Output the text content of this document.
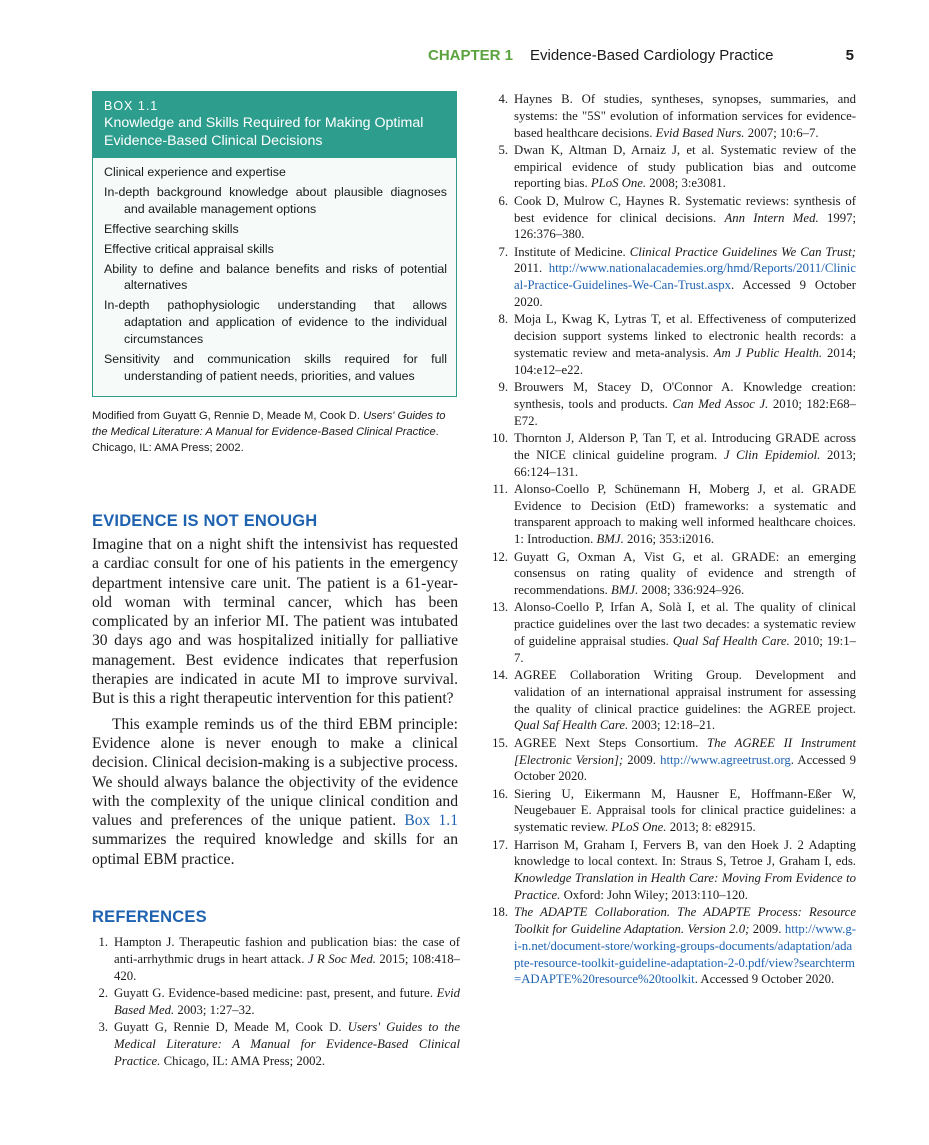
CHAPTER 1 Evidence-Based Cardiology Practice	5
BOX 1.1
Knowledge and Skills Required for Making Optimal Evidence-Based Clinical Decisions
Clinical experience and expertise
In-depth background knowledge about plausible diagnoses and available management options
Effective searching skills
Effective critical appraisal skills
Ability to define and balance benefits and risks of potential alternatives
In-depth pathophysiologic understanding that allows adaptation and application of evidence to the individual circumstances
Sensitivity and communication skills required for full understanding of patient needs, priorities, and values
Modified from Guyatt G, Rennie D, Meade M, Cook D. Users' Guides to the Medical Literature: A Manual for Evidence-Based Clinical Practice. Chicago, IL: AMA Press; 2002.
EVIDENCE IS NOT ENOUGH

Imagine that on a night shift the intensivist has requested a cardiac consult for one of his patients in the emergency department intensive care unit. The patient is a 61-year-old woman with terminal cancer, which has been complicated by an inferior MI. The patient was intubated 30 days ago and was hospitalized initially for palliative management. Best evidence indicates that reperfusion therapies are indicated in acute MI to improve survival. But is this a right therapeutic intervention for this patient?

This example reminds us of the third EBM principle: Evidence alone is never enough to make a clinical decision. Clinical decision-making is a subjective process. We should always balance the objectivity of the evidence with the complexity of the unique clinical condition and values and preferences of the unique patient. Box 1.1 summarizes the required knowledge and skills for an optimal EBM practice.

REFERENCES
1. Hampton J. Therapeutic fashion and publication bias: the case of anti-arrhythmic drugs in heart attack. J R Soc Med. 2015; 108:418–420.
2. Guyatt G. Evidence-based medicine: past, present, and future. Evid Based Med. 2003; 1:27–32.
3. Guyatt G, Rennie D, Meade M, Cook D. Users' Guides to the Medical Literature: A Manual for Evidence-Based Clinical Practice. Chicago, IL: AMA Press; 2002.
4. Haynes B. Of studies, syntheses, synopses, summaries, and systems: the "5S" evolution of information services for evidence-based healthcare decisions. Evid Based Nurs. 2007; 10:6–7.
5. Dwan K, Altman D, Arnaiz J, et al. Systematic review of the empirical evidence of study publication bias and outcome reporting bias. PLoS One. 2008; 3:e3081.
6. Cook D, Mulrow C, Haynes R. Systematic reviews: synthesis of best evidence for clinical decisions. Ann Intern Med. 1997; 126:376–380.
7. Institute of Medicine. Clinical Practice Guidelines We Can Trust; 2011. http://www.nationalacademies.org/hmd/Reports/2011/Clinical-Practice-Guidelines-We-Can-Trust.aspx. Accessed 9 October 2020.
8. Moja L, Kwag K, Lytras T, et al. Effectiveness of computerized decision support systems linked to electronic health records: a systematic review and meta-analysis. Am J Public Health. 2014; 104:e12–e22.
9. Brouwers M, Stacey D, O'Connor A. Knowledge creation: synthesis, tools and products. Can Med Assoc J. 2010; 182:E68–E72.
10. Thornton J, Alderson P, Tan T, et al. Introducing GRADE across the NICE clinical guideline program. J Clin Epidemiol. 2013; 66:124–131.
11. Alonso-Coello P, Schünemann H, Moberg J, et al. GRADE Evidence to Decision (EtD) frameworks: a systematic and transparent approach to making well informed healthcare choices. 1: Introduction. BMJ. 2016; 353:i2016.
12. Guyatt G, Oxman A, Vist G, et al. GRADE: an emerging consensus on rating quality of evidence and strength of recommendations. BMJ. 2008; 336:924–926.
13. Alonso-Coello P, Irfan A, Solà I, et al. The quality of clinical practice guidelines over the last two decades: a systematic review of guideline appraisal studies. Qual Saf Health Care. 2010; 19:1–7.
14. AGREE Collaboration Writing Group. Development and validation of an international appraisal instrument for assessing the quality of clinical practice guidelines: the AGREE project. Qual Saf Health Care. 2003; 12:18–21.
15. AGREE Next Steps Consortium. The AGREE II Instrument [Electronic Version]; 2009. http://www.agreetrust.org. Accessed 9 October 2020.
16. Siering U, Eikermann M, Hausner E, Hoffmann-Eßer W, Neugebauer E. Appraisal tools for clinical practice guidelines: a systematic review. PLoS One. 2013; 8: e82915.
17. Harrison M, Graham I, Fervers B, van den Hoek J. 2 Adapting knowledge to local context. In: Straus S, Tetroe J, Graham I, eds. Knowledge Translation in Health Care: Moving From Evidence to Practice. Oxford: John Wiley; 2013:110–120.
18. The ADAPTE Collaboration. The ADAPTE Process: Resource Toolkit for Guideline Adaptation. Version 2.0; 2009. http://www.g-i-n.net/document-store/working-groups-documents/adaptation/adapte-resource-toolkit-guideline-adaptation-2-0.pdf/view?searchterm=ADAPTE%20resource%20toolkit. Accessed 9 October 2020.
